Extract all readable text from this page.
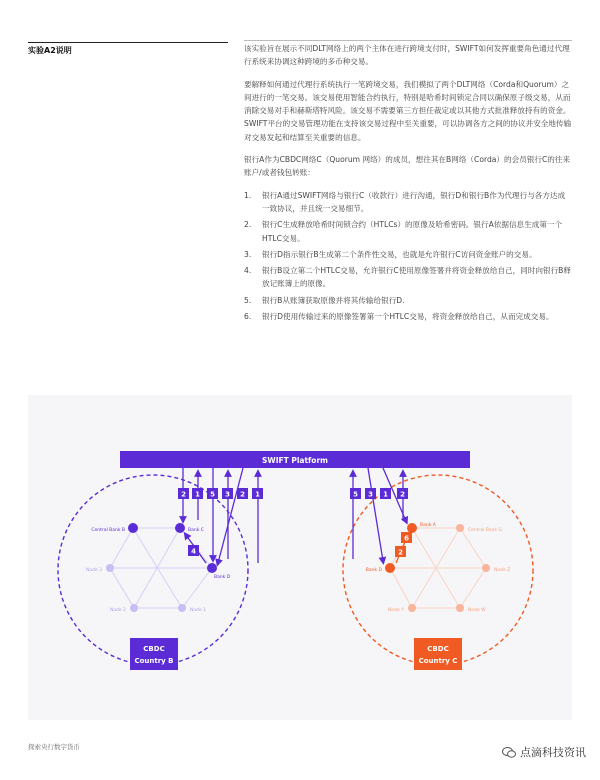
实验A2说明	该实验旨在展示不同DLT网络上的两个主体在进行跨境支付时，SWIFT如何发挥重要角色通过代理行系统来协调这种跨境的多币种交易。

要解释如何通过代理行系统执行一笔跨境交易，我们模拟了两个DLT网络（Corda和Quorum）之间进行的一笔交易。该交易使用智能合约执行，特别是哈希时间锁定合同以确保原子级交易，从而消除交易对手和赫斯塔特风险。该交易不需要第三方担任裁定或以其他方式批准释放持有的资金。SWIFT平台的交易管理功能在支持该交易过程中至关重要，可以协调各方之间的协议并安全地传输对交易发起和结算至关重要的信息。

银行A作为CBDC网络C（Quorum 网络）的成员，想往其在B网络（Corda）的会员银行C的往来账户/或者钱包转账：

1. 银行A通过SWIFT网络与银行C（收款行）进行沟通，银行D和银行B作为代理行与各方达成一致协议，并且统一交易细节。
2. 银行C生成释放哈希时间锁合约（HTLCs）的原像及哈希密码。银行A依据信息生成第一个HTLC交易。
3. 银行D指示银行B生成第二个条件性交易，也就是允许银行C访问资金账户的交易。
4. 银行B设立第二个HTLC交易，允许银行C使用原像签署并将资金释放给自己，同时向银行B释放记账簿上的原像。
5. 银行B从账簿获取原像并将其传输给银行D.
6. 银行D使用传输过来的原像签署第一个HTLC交易，将资金释放给自己，从而完成交易。
SWIFT Platform
Central Bank B	Bank C
Bank D
Node 3
Node 2	Node 1
2 1 5 3 2 1
4
CBDC
Country B
Bank A
Central Bank G
Bank D	Node Z
Node Y	Node W
5 3 1 2
6
2
CBDC
Country C
探索央行数字货币	点滴科技资讯
